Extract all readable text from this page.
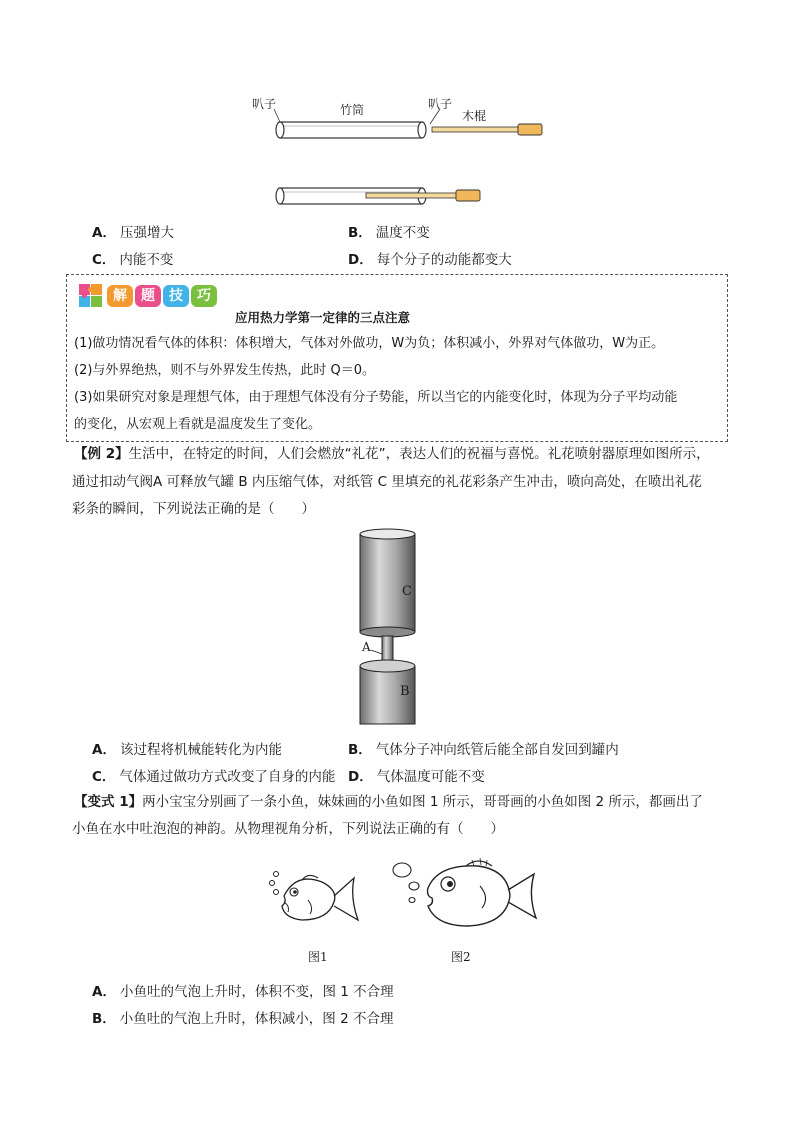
叭子	竹筒	叭子
木棍
A． 压强增大	B． 温度不变
C． 内能不变	D． 每个分子的动能都变大
解	题	技	巧
应用热力学第一定律的三点注意
(1)做功情况看气体的体积：体积增大，气体对外做功，W为负；体积减小，外界对气体做功，W为正。
(2)与外界绝热，则不与外界发生传热，此时 Q＝0。
(3)如果研究对象是理想气体，由于理想气体没有分子势能，所以当它的内能变化时，体现为分子平均动能
的变化，从宏观上看就是温度发生了变化。
【例 2】生活中，在特定的时间，人们会燃放“礼花”，表达人们的祝福与喜悦。礼花喷射器原理如图所示，
通过扣动气阀A 可释放气罐 B 内压缩气体，对纸管 C 里填充的礼花彩条产生冲击，喷向高处，在喷出礼花
彩条的瞬间，下列说法正确的是（　　）
C
A
B
A． 该过程将机械能转化为内能	B． 气体分子冲向纸管后能全部自发回到罐内
C． 气体通过做功方式改变了自身的内能 D． 气体温度可能不变
【变式 1】两小宝宝分别画了一条小鱼，妹妹画的小鱼如图 1 所示，哥哥画的小鱼如图 2 所示，都画出了
小鱼在水中吐泡泡的神韵。从物理视角分析，下列说法正确的有（　　）
图1	图2
A． 小鱼吐的气泡上升时，体积不变，图 1 不合理
B． 小鱼吐的气泡上升时，体积减小，图 2 不合理
